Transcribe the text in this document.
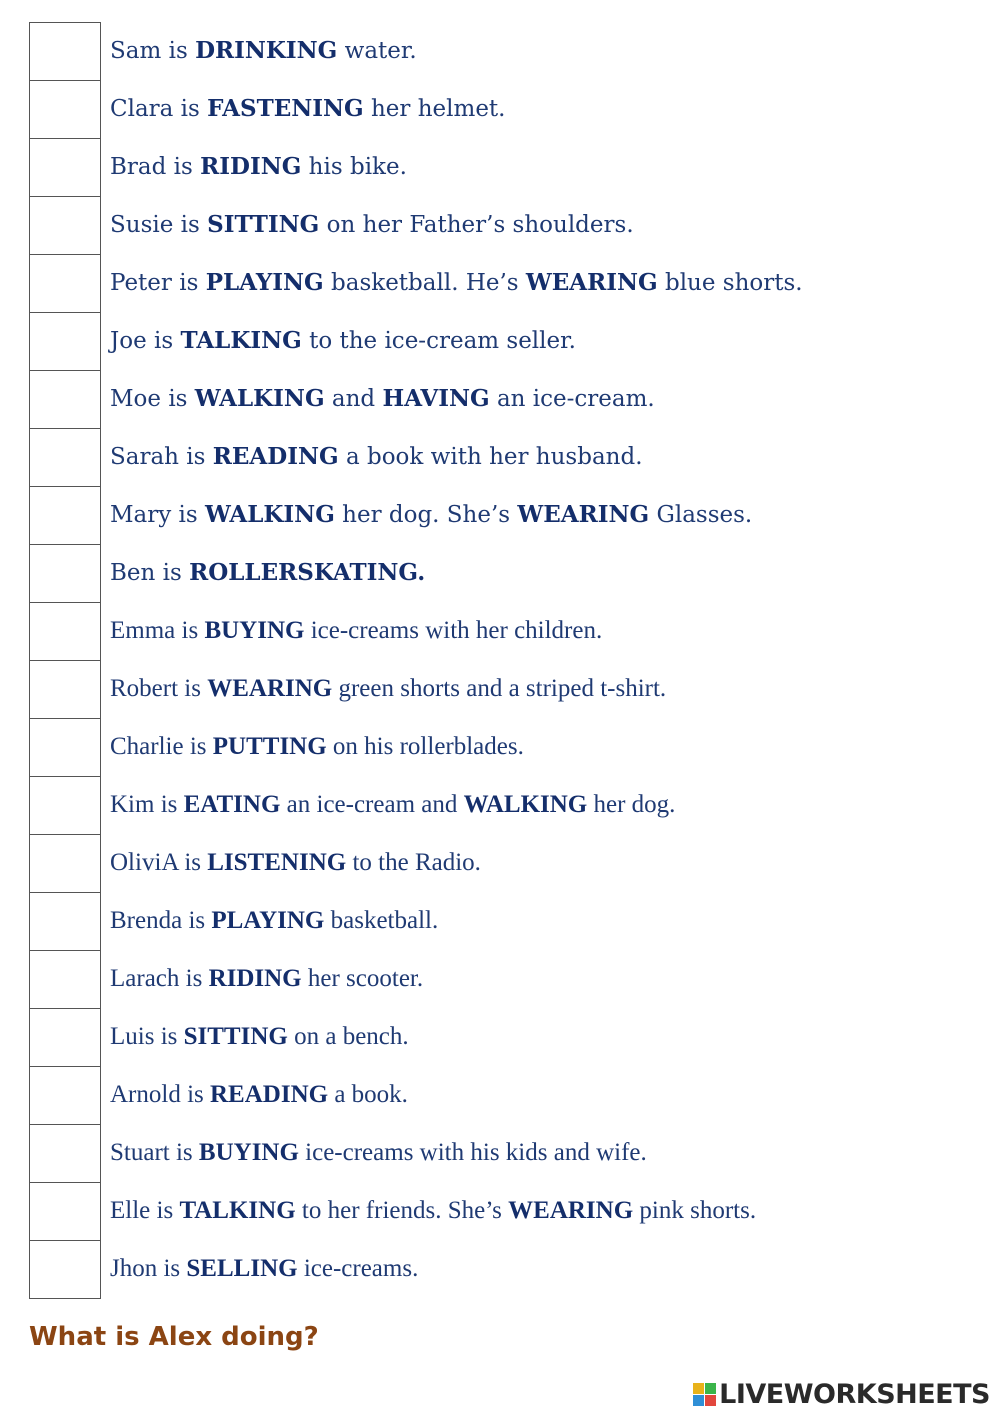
Sam is DRINKING water.
Clara is FASTENING her helmet.
Brad is RIDING his bike.
Susie is SITTING on her Father’s shoulders.
Peter is PLAYING basketball. He’s WEARING blue shorts.
Joe is TALKING to the ice-cream seller.
Moe is WALKING and HAVING an ice-cream.
Sarah is READING a book with her husband.
Mary is WALKING her dog. She’s WEARING Glasses.
Ben is ROLLERSKATING.
Emma is BUYING ice-creams with her children.
Robert is WEARING green shorts and a striped t-shirt.
Charlie is PUTTING on his rollerblades.
Kim is EATING an ice-cream and WALKING her dog.
OliviA is LISTENING to the Radio.
Brenda is PLAYING basketball.
Larach is RIDING her scooter.
Luis is SITTING on a bench.
Arnold is READING a book.
Stuart is BUYING ice-creams with his kids and wife.
Elle is TALKING to her friends. She’s WEARING pink shorts.
Jhon is SELLING ice-creams.
What is Alex doing?
LIVEWORKSHEETS
